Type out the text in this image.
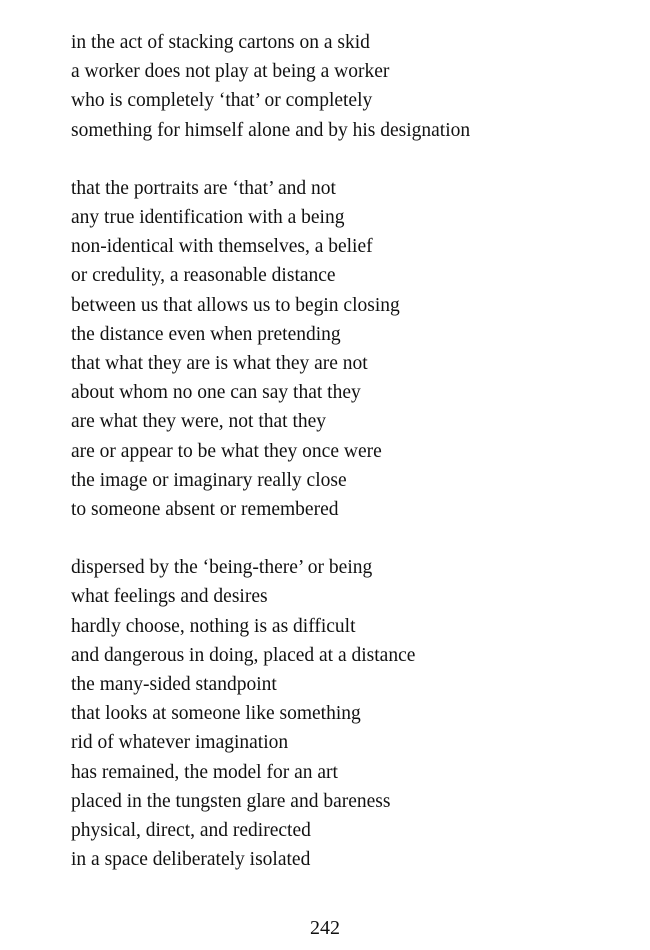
in the act of stacking cartons on a skid
a worker does not play at being a worker
who is completely ‘that’ or completely
something for himself alone and by his designation
that the portraits are ‘that’ and not
any true identification with a being
non-identical with themselves, a belief
or credulity, a reasonable distance
between us that allows us to begin closing
the distance even when pretending
that what they are is what they are not
about whom no one can say that they
are what they were, not that they
are or appear to be what they once were
the image or imaginary really close
to someone absent or remembered
dispersed by the ‘being-there’ or being
what feelings and desires
hardly choose, nothing is as difficult
and dangerous in doing, placed at a distance
the many-sided standpoint
that looks at someone like something
rid of whatever imagination
has remained, the model for an art
placed in the tungsten glare and bareness
physical, direct, and redirected
in a space deliberately isolated
242
